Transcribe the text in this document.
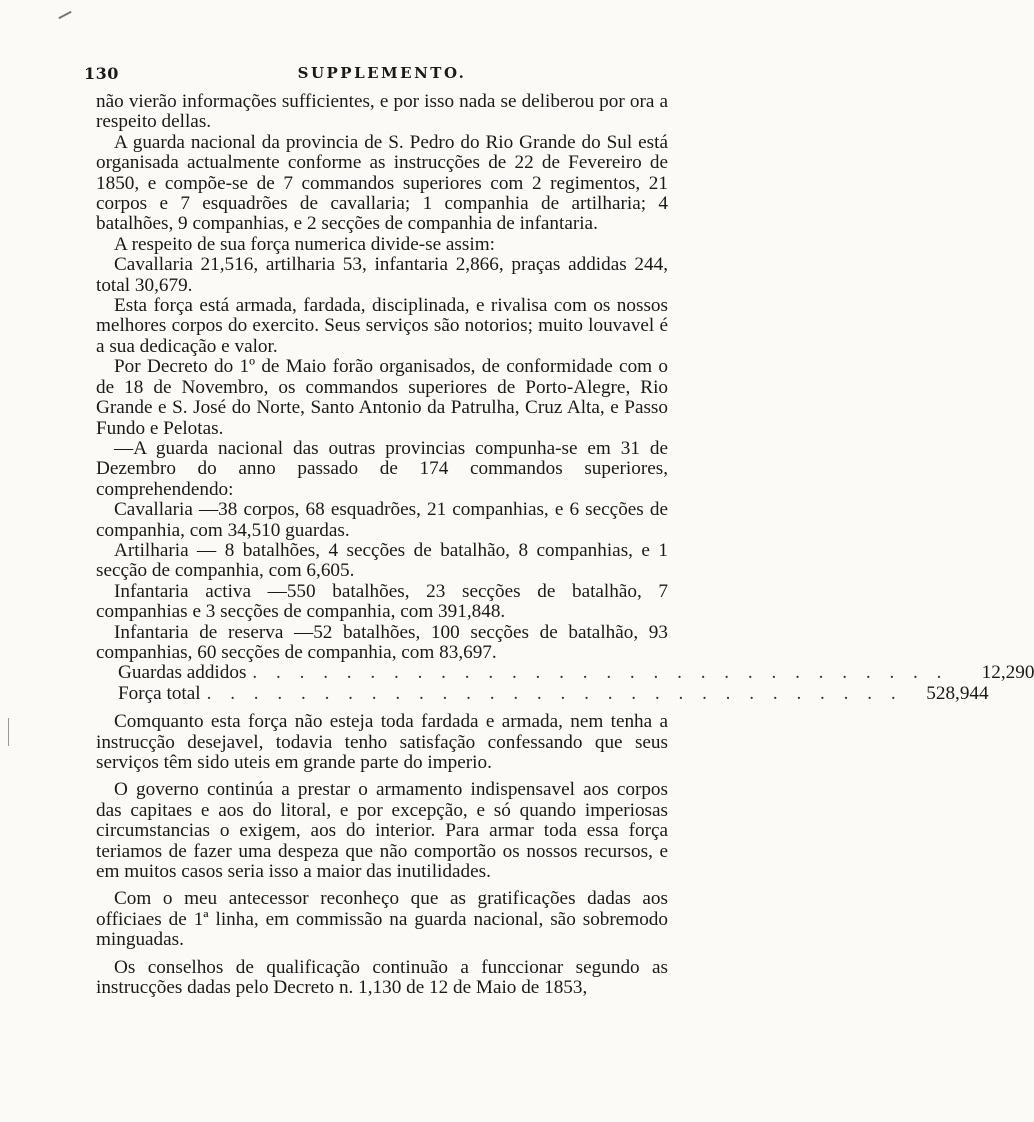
130	SUPPLEMENTO.

não vierão informações sufficientes, e por isso nada se deliberou por ora a respeito dellas.

A guarda nacional da provincia de S. Pedro do Rio Grande do Sul está organisada actualmente conforme as instrucções de 22 de Fevereiro de 1850, e compõe-se de 7 commandos superiores com 2 regimentos, 21 corpos e 7 esquadrões de cavallaria; 1 companhia de artilharia; 4 batalhões, 9 companhias, e 2 secções de companhia de infantaria.

A respeito de sua força numerica divide-se assim:

Cavallaria 21,516, artilharia 53, infantaria 2,866, praças addidas 244, total 30,679.

Esta força está armada, fardada, disciplinada, e rivalisa com os nossos melhores corpos do exercito. Seus serviços são notorios; muito louvavel é a sua dedicação e valor.

Por Decreto do 1º de Maio forão organisados, de conformidade com o de 18 de Novembro, os commandos superiores de Porto-Alegre, Rio Grande e S. José do Norte, Santo Antonio da Patrulha, Cruz Alta, e Passo Fundo e Pelotas.

—A guarda nacional das outras provincias compunha-se em 31 de Dezembro do anno passado de 174 commandos superiores, comprehendendo:

Cavallaria —38 corpos, 68 esquadrões, 21 companhias, e 6 secções de companhia, com 34,510 guardas.

Artilharia — 8 batalhões, 4 secções de batalhão, 8 companhias, e 1 secção de companhia, com 6,605.

Infantaria activa —550 batalhões, 23 secções de batalhão, 7 companhias e 3 secções de companhia, com 391,848.

Infantaria de reserva —52 batalhões, 100 secções de batalhão, 93 companhias, 60 secções de companhia, com 83,697.

Guardas addidos . . . . . . . . . . . . . . . . . . . . . . . . . . . . . .	12,290
Força total . . . . . . . . . . . . . . . . . . . . . . . . . . . . . .	528,944

Comquanto esta força não esteja toda fardada e armada, nem tenha a instrucção desejavel, todavia tenho satisfação confessando que seus serviços têm sido uteis em grande parte do imperio.

O governo continúa a prestar o armamento indispensavel aos corpos das capitaes e aos do litoral, e por excepção, e só quando imperiosas circumstancias o exigem, aos do interior. Para armar toda essa força teriamos de fazer uma despeza que não comportão os nossos recursos, e em muitos casos seria isso a maior das inutilidades.

Com o meu antecessor reconheço que as gratificações dadas aos officiaes de 1ª linha, em commissão na guarda nacional, são sobremodo minguadas.

Os conselhos de qualificação continuão a funccionar segundo as instrucções dadas pelo Decreto n. 1,130 de 12 de Maio de 1853,
